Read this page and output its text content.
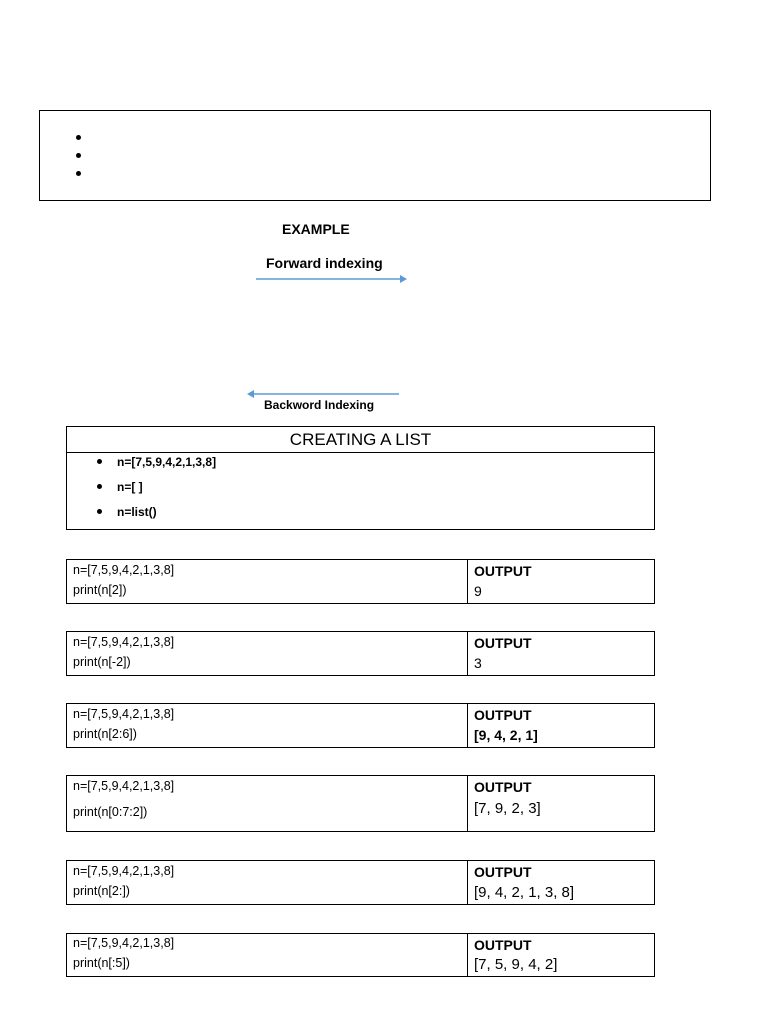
EXAMPLE
Forward indexing
Backword Indexing
CREATING A LIST
n=[7,5,9,4,2,1,3,8]
n=[ ]
n=list()
n=[7,5,9,4,2,1,3,8]
print(n[2])
OUTPUT
9
n=[7,5,9,4,2,1,3,8]
print(n[-2])
OUTPUT
3
n=[7,5,9,4,2,1,3,8]
print(n[2:6])
OUTPUT
[9, 4, 2, 1]
n=[7,5,9,4,2,1,3,8]
print(n[0:7:2])
OUTPUT
[7, 9, 2, 3]
n=[7,5,9,4,2,1,3,8]
print(n[2:])
OUTPUT
[9, 4, 2, 1, 3, 8]
n=[7,5,9,4,2,1,3,8]
print(n[:5])
OUTPUT
[7, 5, 9, 4, 2]
